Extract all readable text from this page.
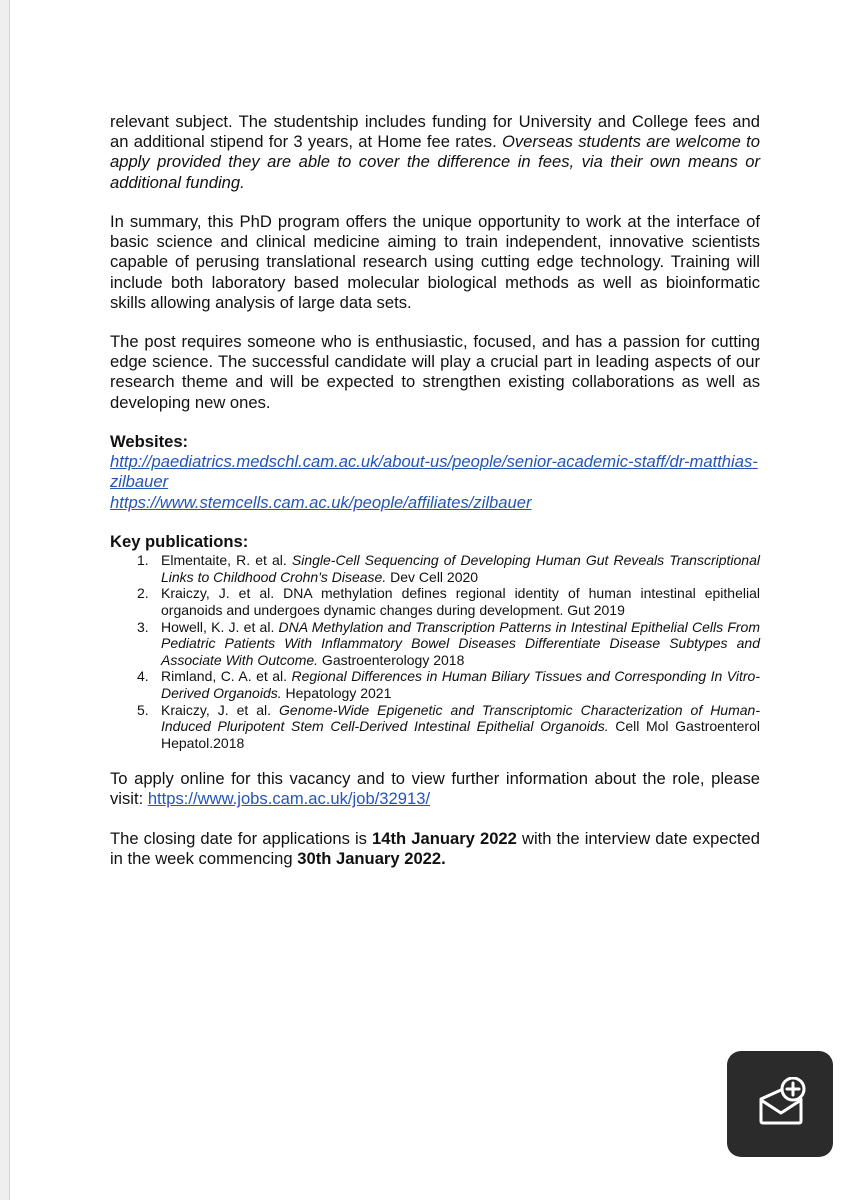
relevant subject. The studentship includes funding for University and College fees and an additional stipend for 3 years, at Home fee rates. Overseas students are welcome to apply provided they are able to cover the difference in fees, via their own means or additional funding.

In summary, this PhD program offers the unique opportunity to work at the interface of basic science and clinical medicine aiming to train independent, innovative scientists capable of perusing translational research using cutting edge technology. Training will include both laboratory based molecular biological methods as well as bioinformatic skills allowing analysis of large data sets.

The post requires someone who is enthusiastic, focused, and has a passion for cutting edge science. The successful candidate will play a crucial part in leading aspects of our research theme and will be expected to strengthen existing collaborations as well as developing new ones.

Websites:
http://paediatrics.medschl.cam.ac.uk/about-us/people/senior-academic-staff/dr-matthias-zilbauer
https://www.stemcells.cam.ac.uk/people/affiliates/zilbauer
Key publications:
1. Elmentaite, R. et al. Single-Cell Sequencing of Developing Human Gut Reveals Transcriptional Links to Childhood Crohn's Disease. Dev Cell 2020
2. Kraiczy, J. et al. DNA methylation defines regional identity of human intestinal epithelial organoids and undergoes dynamic changes during development. Gut 2019
3. Howell, K. J. et al. DNA Methylation and Transcription Patterns in Intestinal Epithelial Cells From Pediatric Patients With Inflammatory Bowel Diseases Differentiate Disease Subtypes and Associate With Outcome. Gastroenterology 2018
4. Rimland, C. A. et al. Regional Differences in Human Biliary Tissues and Corresponding In Vitro-Derived Organoids. Hepatology 2021
5. Kraiczy, J. et al. Genome-Wide Epigenetic and Transcriptomic Characterization of Human-Induced Pluripotent Stem Cell-Derived Intestinal Epithelial Organoids. Cell Mol Gastroenterol Hepatol.2018

To apply online for this vacancy and to view further information about the role, please visit: https://www.jobs.cam.ac.uk/job/32913/

The closing date for applications is 14th January 2022 with the interview date expected in the week commencing 30th January 2022.
